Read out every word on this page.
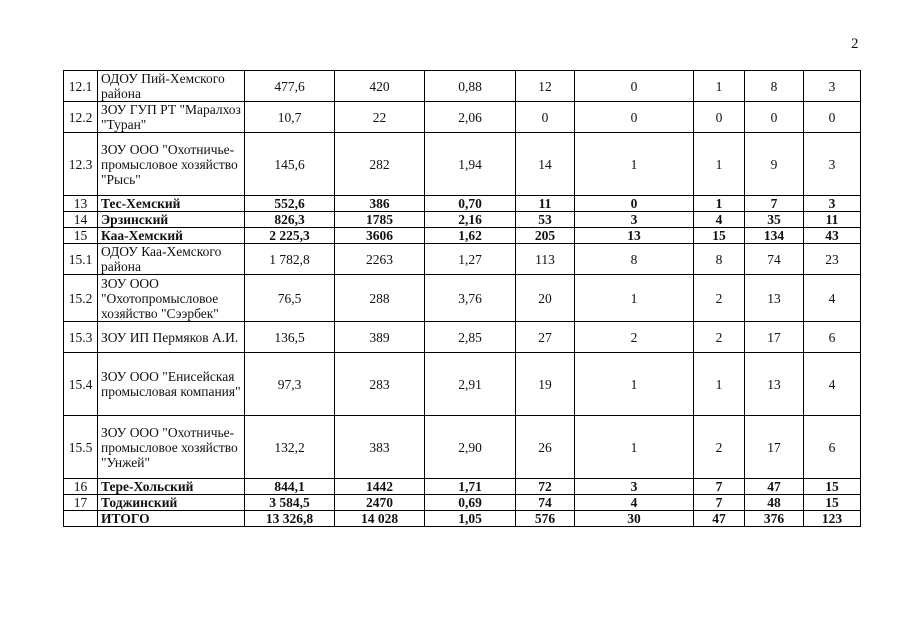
2
12.1	ОДОУ Пий-Хемского района	477,6	420	0,88	12	0	1	8	3
12.2	ЗОУ ГУП РТ "Маралхоз "Туран"	10,7	22	2,06	0	0	0	0	0
12.3	ЗОУ ООО "Охотничье-промысловое хозяйство "Рысь"	145,6	282	1,94	14	1	1	9	3
13	Тес-Хемский	552,6	386	0,70	11	0	1	7	3
14	Эрзинский	826,3	1785	2,16	53	3	4	35	11
15	Каа-Хемский	2 225,3	3606	1,62	205	13	15	134	43
15.1	ОДОУ Каа-Хемского района	1 782,8	2263	1,27	113	8	8	74	23
15.2	ЗОУ ООО "Охотопромысловое хозяйство "Сээрбек"	76,5	288	3,76	20	1	2	13	4
15.3	ЗОУ ИП Пермяков А.И.	136,5	389	2,85	27	2	2	17	6
15.4	ЗОУ ООО "Енисейская промысловая компания"	97,3	283	2,91	19	1	1	13	4
15.5	ЗОУ ООО "Охотничье-промысловое хозяйство "Унжей"	132,2	383	2,90	26	1	2	17	6
16	Тере-Хольский	844,1	1442	1,71	72	3	7	47	15
17	Тоджинский	3 584,5	2470	0,69	74	4	7	48	15
	ИТОГО	13 326,8	14 028	1,05	576	30	47	376	123
